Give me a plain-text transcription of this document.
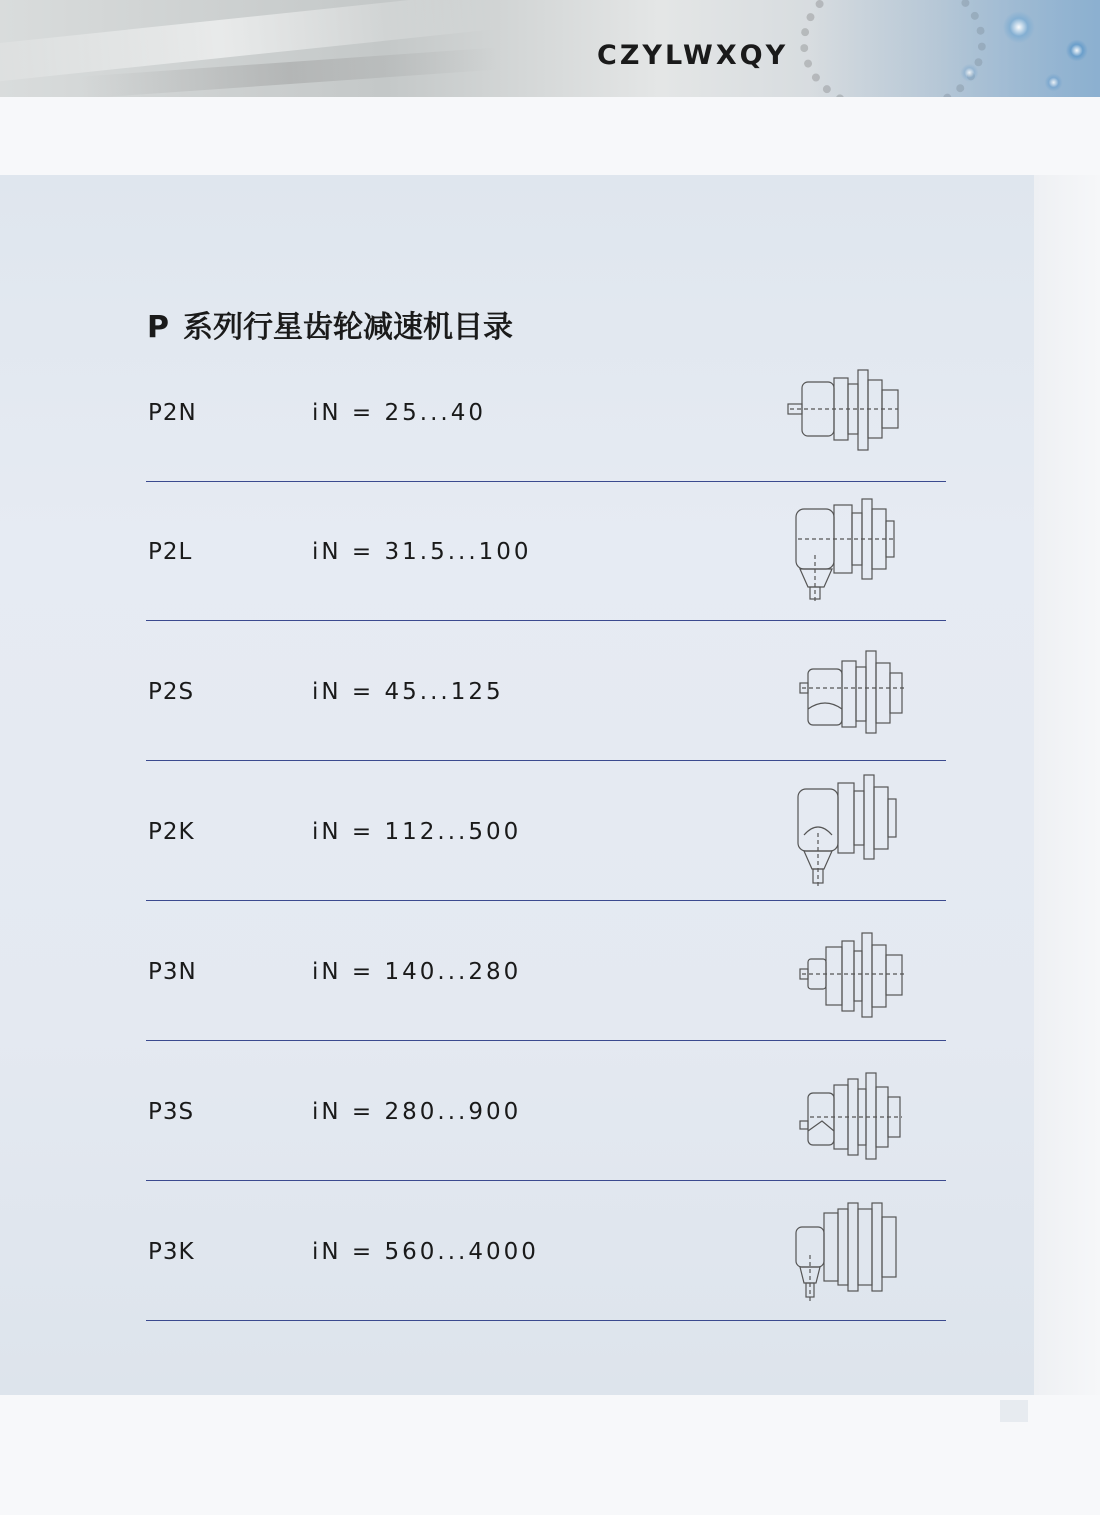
CZYLWXQY
P 系列行星齿轮减速机目录
P2N	iN = 25...40
P2L	iN = 31.5...100
P2S	iN = 45...125
P2K	iN = 112...500
P3N	iN = 140...280
P3S	iN = 280...900
P3K	iN = 560...4000
